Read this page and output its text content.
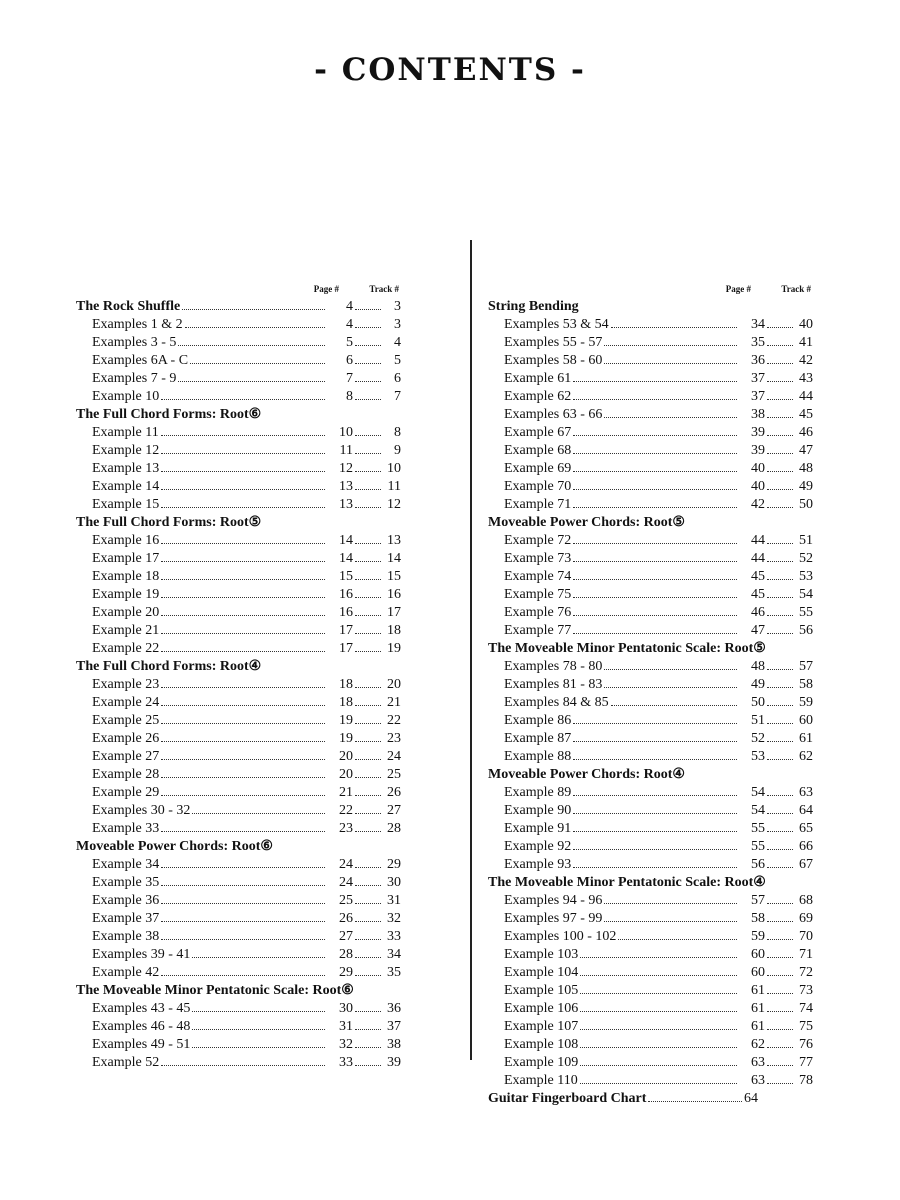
- CONTENTS -
Page #	Track #
The Rock Shuffle	4	3
Examples 1 & 2	4	3
Examples 3 - 5	5	4
Examples 6A - C	6	5
Examples 7 - 9	7	6
Example 10	8	7
The Full Chord Forms: Root⑥
Example 11	10	8
Example 12	11	9
Example 13	12 10
Example 14	13	11
Example 15	13 12
The Full Chord Forms: Root⑤
Example 16	14 13
Example 17	14 14
Example 18	15 15
Example 19	16 16
Example 20	16 17
Example 21	17 18
Example 22	17 19
The Full Chord Forms: Root④
Example 23	18 20
Example 24	18 21
Example 25	19 22
Example 26	19 23
Example 27	20 24
Example 28	20 25
Example 29	21 26
Examples 30 - 32	22 27
Example 33	23 28
Moveable Power Chords: Root⑥
Example 34	24 29
Example 35	24 30
Example 36	25 31
Example 37	26 32
Example 38	27 33
Examples 39 - 41	28 34
Example 42	29 35
The Moveable Minor Pentatonic Scale: Root⑥
Examples 43 - 45	30 36
Examples 46 - 48	31 37
Examples 49 - 51	32 38
Example 52	33 39
Page #	Track #
String Bending
Examples 53 & 54	34 40
Examples 55 - 57	35 41
Examples 58 - 60	36 42
Example 61	37 43
Example 62	37 44
Examples 63 - 66	38 45
Example 67	39 46
Example 68	39 47
Example 69	40 48
Example 70	40 49
Example 71	42 50
Moveable Power Chords: Root⑤
Example 72	44 51
Example 73	44 52
Example 74	45 53
Example 75	45 54
Example 76	46 55
Example 77	47 56
The Moveable Minor Pentatonic Scale: Root⑤
Examples 78 - 80	48 57
Examples 81 - 83	49 58
Examples 84 & 85	50 59
Example 86	51 60
Example 87	52 61
Example 88	53 62
Moveable Power Chords: Root④
Example 89	54 63
Example 90	54 64
Example 91	55 65
Example 92	55 66
Example 93	56 67
The Moveable Minor Pentatonic Scale: Root④
Examples 94 - 96	57 68
Examples 97 - 99	58 69
Examples 100 - 102	59 70
Example 103	60 71
Example 104	60 72
Example 105	61 73
Example 106	61 74
Example 107	61 75
Example 108	62 76
Example 109	63 77
Example 110	63 78
Guitar Fingerboard Chart	64
